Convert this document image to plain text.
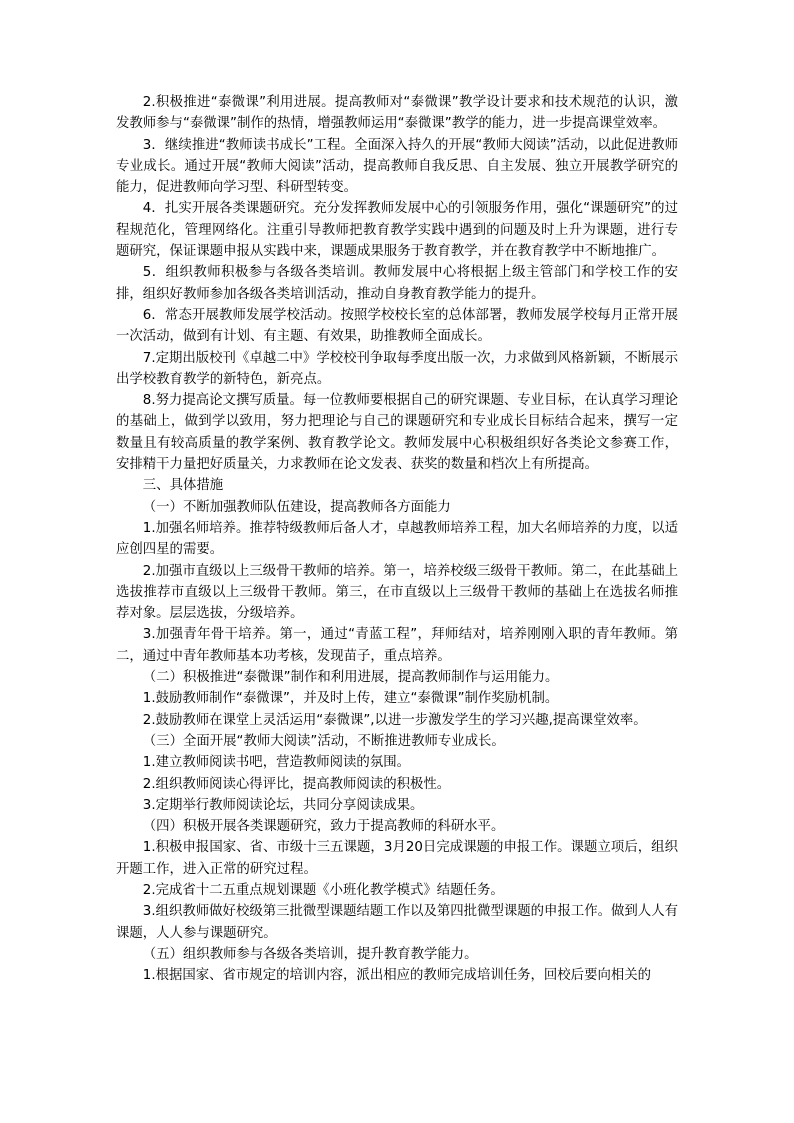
2.积极推进“泰微课”利用进展。提高教师对“泰微课”教学设计要求和技术规范的认识，激发教师参与“泰微课”制作的热情，增强教师运用“泰微课”教学的能力，进一步提高课堂效率。

3．继续推进“教师读书成长”工程。全面深入持久的开展“教师大阅读”活动，以此促进教师专业成长。通过开展“教师大阅读”活动，提高教师自我反思、自主发展、独立开展教学研究的能力，促进教师向学习型、科研型转变。

4．扎实开展各类课题研究。充分发挥教师发展中心的引领服务作用，强化“课题研究”的过程规范化，管理网络化。注重引导教师把教育教学实践中遇到的问题及时上升为课题，进行专题研究，保证课题申报从实践中来，课题成果服务于教育教学，并在教育教学中不断地推广。

5．组织教师积极参与各级各类培训。教师发展中心将根据上级主管部门和学校工作的安排，组织好教师参加各级各类培训活动，推动自身教育教学能力的提升。

6．常态开展教师发展学校活动。按照学校校长室的总体部署，教师发展学校每月正常开展一次活动，做到有计划、有主题、有效果，助推教师全面成长。

7.定期出版校刊《卓越二中》学校校刊争取每季度出版一次，力求做到风格新颖，不断展示出学校教育教学的新特色，新亮点。

8.努力提高论文撰写质量。每一位教师要根据自己的研究课题、专业目标，在认真学习理论的基础上，做到学以致用，努力把理论与自己的课题研究和专业成长目标结合起来，撰写一定数量且有较高质量的教学案例、教育教学论文。教师发展中心积极组织好各类论文参赛工作，安排精干力量把好质量关，力求教师在论文发表、获奖的数量和档次上有所提高。

三、具体措施

（一）不断加强教师队伍建设，提高教师各方面能力

1.加强名师培养。推荐特级教师后备人才，卓越教师培养工程，加大名师培养的力度，以适应创四星的需要。

2.加强市直级以上三级骨干教师的培养。第一，培养校级三级骨干教师。第二，在此基础上选拔推荐市直级以上三级骨干教师。第三，在市直级以上三级骨干教师的基础上在选拔名师推荐对象。层层选拔，分级培养。

3.加强青年骨干培养。第一，通过“青蓝工程”，拜师结对，培养刚刚入职的青年教师。第二，通过中青年教师基本功考核，发现苗子，重点培养。

（二）积极推进“泰微课”制作和利用进展，提高教师制作与运用能力。

1.鼓励教师制作“泰微课”，并及时上传，建立“泰微课”制作奖励机制。

2.鼓励教师在课堂上灵活运用“泰微课”,以进一步激发学生的学习兴趣,提高课堂效率。

（三）全面开展“教师大阅读”活动，不断推进教师专业成长。

1.建立教师阅读书吧，营造教师阅读的氛围。

2.组织教师阅读心得评比，提高教师阅读的积极性。

3.定期举行教师阅读论坛，共同分享阅读成果。

（四）积极开展各类课题研究，致力于提高教师的科研水平。

1.积极申报国家、省、市级十三五课题，3月20日完成课题的申报工作。课题立项后，组织开题工作，进入正常的研究过程。

2.完成省十二五重点规划课题《小班化教学模式》结题任务。

3.组织教师做好校级第三批微型课题结题工作以及第四批微型课题的申报工作。做到人人有课题，人人参与课题研究。

（五）组织教师参与各级各类培训，提升教育教学能力。

1.根据国家、省市规定的培训内容，派出相应的教师完成培训任务，回校后要向相关的
